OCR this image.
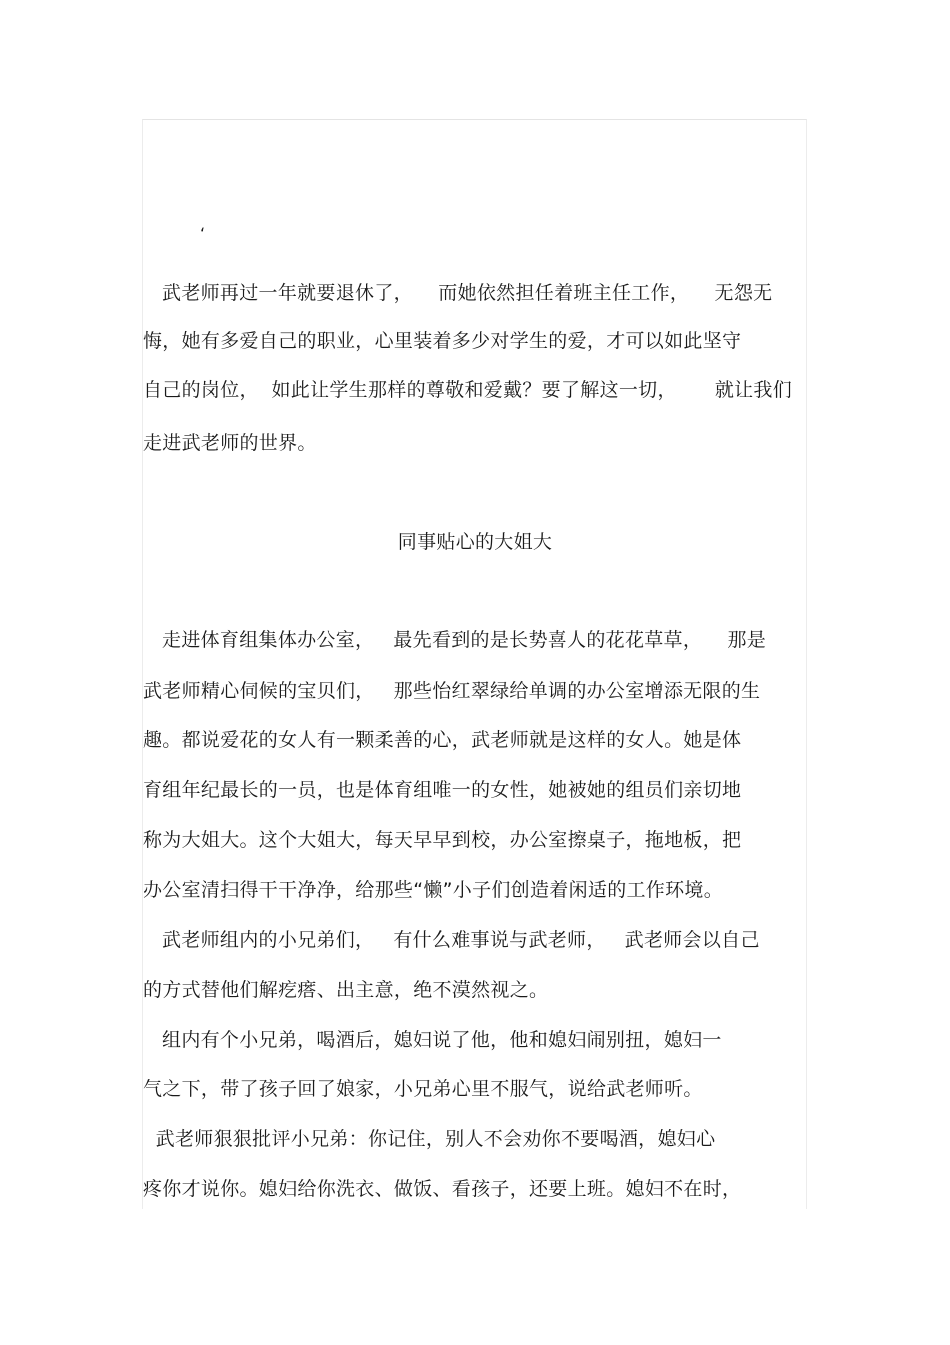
‘
武老师再过一年就要退休了，    而她依然担任着班主任工作，    无怨无
悔，她有多爱自己的职业，心里装着多少对学生的爱，才可以如此坚守
自己的岗位，  如此让学生那样的尊敬和爱戴？要了解这一切，      就让我们
走进武老师的世界。
同事贴心的大姐大
走进体育组集体办公室，   最先看到的是长势喜人的花花草草，    那是
武老师精心伺候的宝贝们，   那些怡红翠绿给单调的办公室增添无限的生
趣。都说爱花的女人有一颗柔善的心，武老师就是这样的女人。她是体
育组年纪最长的一员，也是体育组唯一的女性，她被她的组员们亲切地
称为大姐大。这个大姐大，每天早早到校，办公室擦桌子，拖地板，把
办公室清扫得干干净净，给那些“懒”小子们创造着闲适的工作环境。
武老师组内的小兄弟们，   有什么难事说与武老师，   武老师会以自己
的方式替他们解疙瘩、出主意，绝不漠然视之。
组内有个小兄弟，喝酒后，媳妇说了他，他和媳妇闹别扭，媳妇一
气之下，带了孩子回了娘家，小兄弟心里不服气，说给武老师听。
武老师狠狠批评小兄弟：你记住，别人不会劝你不要喝酒，媳妇心
疼你才说你。媳妇给你洗衣、做饭、看孩子，还要上班。媳妇不在时，
